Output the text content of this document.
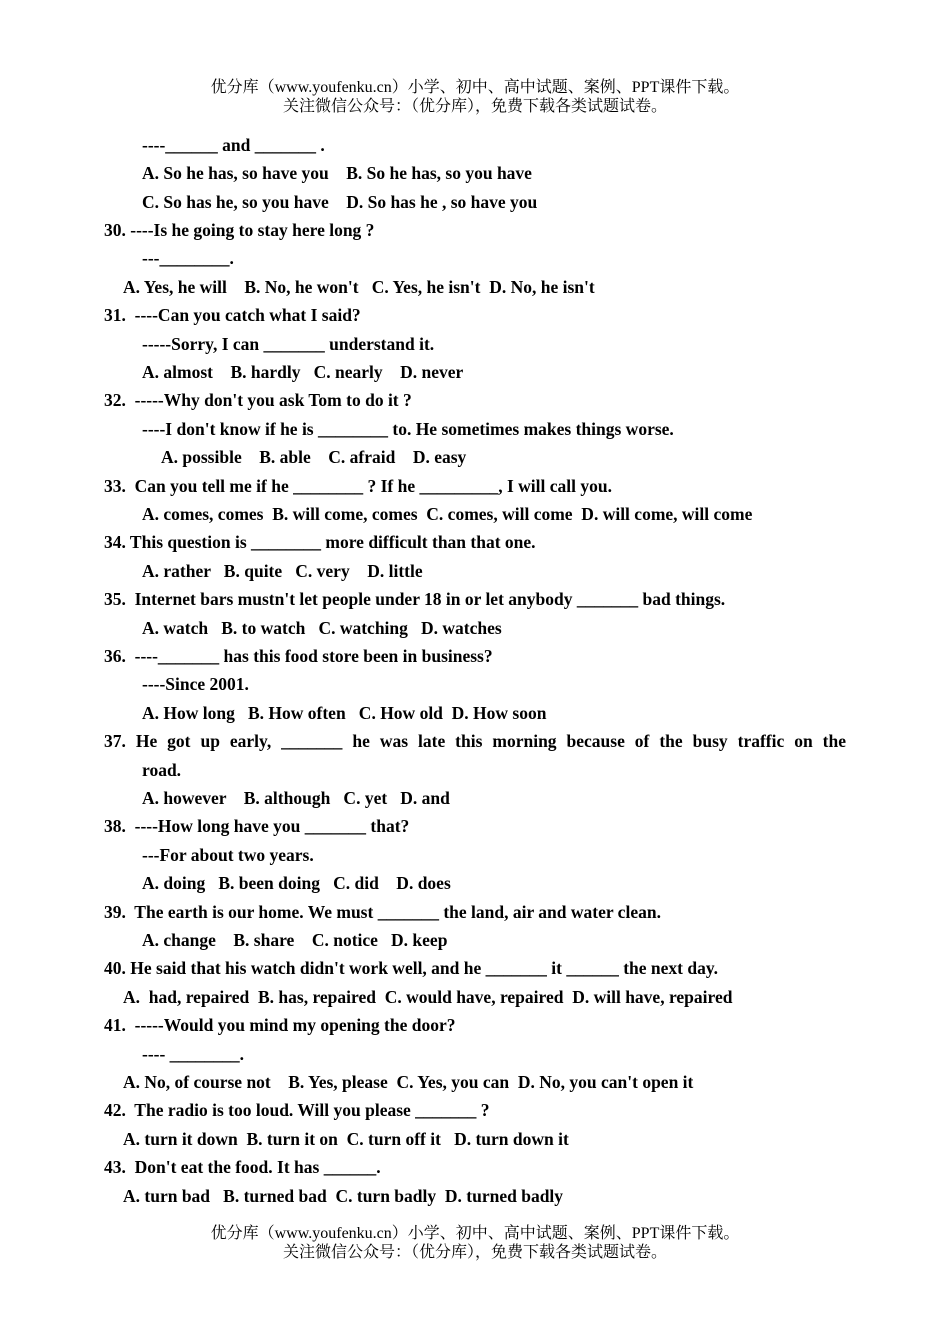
优分库（www.youfenku.cn）小学、初中、高中试题、案例、PPT课件下载。
关注微信公众号：（优分库），免费下载各类试题试卷。
----______ and _______ .
A. So he has, so have you    B. So he has, so you have
C. So has he, so you have    D. So has he , so have you
30. ----Is he going to stay here long ?
---________.
A. Yes, he will    B. No, he won't   C. Yes, he isn't  D. No, he isn't
31.  ----Can you catch what I said?
-----Sorry, I can _______ understand it.
A. almost    B. hardly   C. nearly    D. never
32.  -----Why don't you ask Tom to do it ?
----I don't know if he is ________ to. He sometimes makes things worse.
A. possible    B. able    C. afraid    D. easy
33.  Can you tell me if he ________ ? If he _________, I will call you.
A. comes, comes  B. will come, comes  C. comes, will come  D. will come, will come
34. This question is ________ more difficult than that one.
A. rather   B. quite   C. very    D. little
35.  Internet bars mustn't let people under 18 in or let anybody _______ bad things.
A. watch   B. to watch   C. watching   D. watches
36.  ----_______ has this food store been in business?
----Since 2001.
A. How long   B. How often   C. How old  D. How soon
37. He got up early, _______ he was late this morning because of the busy traffic on the
road.
A. however    B. although   C. yet   D. and
38.  ----How long have you _______ that?
---For about two years.
A. doing   B. been doing   C. did    D. does
39.  The earth is our home. We must _______ the land, air and water clean.
A. change    B. share    C. notice   D. keep
40. He said that his watch didn't work well, and he _______ it ______ the next day.
A.  had, repaired  B. has, repaired  C. would have, repaired  D. will have, repaired
41.  -----Would you mind my opening the door?
---- ________.
A. No, of course not    B. Yes, please  C. Yes, you can  D. No, you can't open it
42.  The radio is too loud. Will you please _______ ?
A. turn it down  B. turn it on  C. turn off it   D. turn down it
43.  Don't eat the food. It has ______.
A. turn bad   B. turned bad  C. turn badly  D. turned badly
优分库（www.youfenku.cn）小学、初中、高中试题、案例、PPT课件下载。
关注微信公众号：（优分库），免费下载各类试题试卷。
